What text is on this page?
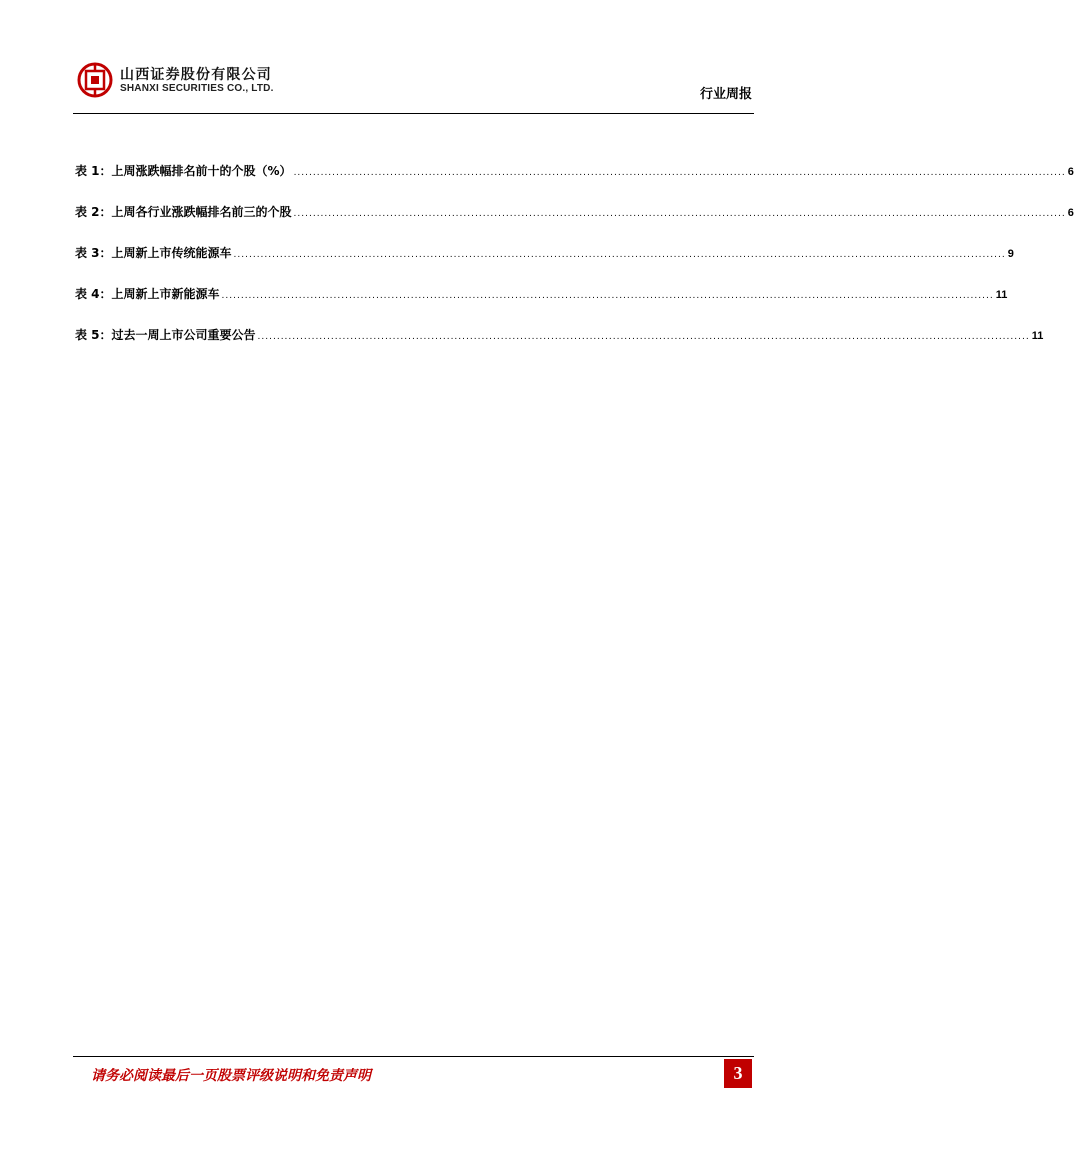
山西证券股份有限公司
SHANXI SECURITIES CO., LTD.	行业周报
表 1：上周涨跌幅排名前十的个股（%） ........................................................................................................................................................................................................ 6
表 2：上周各行业涨跌幅排名前三的个股 ........................................................................................................................................................................................................ 6
表 3：上周新上市传统能源车 ........................................................................................................................................................................................................ 9
表 4：上周新上市新能源车 ........................................................................................................................................................................................................ 11
表 5：过去一周上市公司重要公告 ........................................................................................................................................................................................................ 11
请务必阅读最后一页股票评级说明和免责声明	3
